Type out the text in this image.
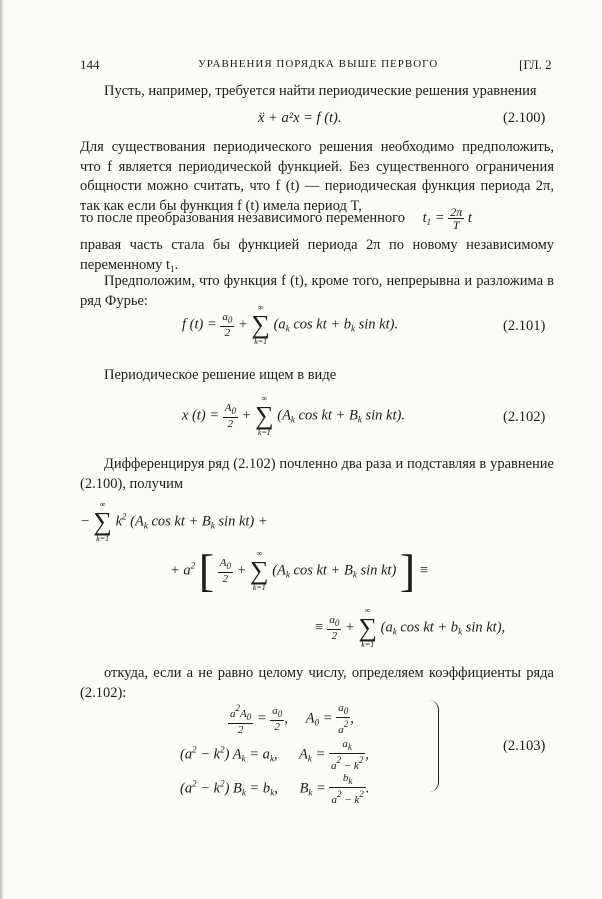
144	УРАВНЕНИЯ ПОРЯДКА ВЫШЕ ПЕРВОГО	[ГЛ. 2
Пусть, например, требуется найти периодические решения уравнения
ẍ + a²x = f (t).	(2.100)
Для существования периодического решения необходимо предположить, что f является периодической функцией. Без существенного ограничения общности можно считать, что f (t) — периодическая функция периода 2π, так как если бы функция f (t) имела период T,
то после преобразования независимого переменного $t_1 = \frac{2\pi}{T}$ t
правая часть стала бы функцией периода 2π по новому независимому переменному $t_1$.
Предположим, что функция f (t), кроме того, непрерывна и разложима в ряд Фурье:
f $(t) = \frac{a_0}{2}$ +
∞
∑
k=1
($a_k$ cos kt + $b_k$ sin kt).	(2.101)
Периодическое решение ищем в виде
x $(t) = \frac{A_0}{2}$ +
∞
∑
k=1
($A_k$ cos kt + $B_k$ sin kt).	(2.102)
Дифференцируя ряд (2.102) почленно два раза и подставляя в уравнение (2.100), получим
−
∞
∑
k=1
$k^2$ ($A_k$ cos kt + $B_k$ sin kt) +
+ $a^2$ [ $\frac{A_0}{2}$ +
∞
∑
k=1
($A_k$ cos kt + $B_k$ sin kt) ] ≡
≡ $\frac{a_0}{2}$ +
∞
∑
k=1
($a_k$ cos kt + $b_k$ sin kt),
откуда, если a не равно целому числу, определяем коэффициенты ряда (2.102):
$\frac{a^2A_0}{2} = \frac{a_0}{2}$ ,     $A_0 = \frac{a_0}{a^2}$ ,
$(a^2 - k^2) A_k = a_k$,      $A_k = \frac{a_k}{a^2 - k^2}$ ,
$(a^2 - k^2) B_k = b_k$,      $B_k = \frac{b_k}{a^2 - k^2}$ .
(2.103)
